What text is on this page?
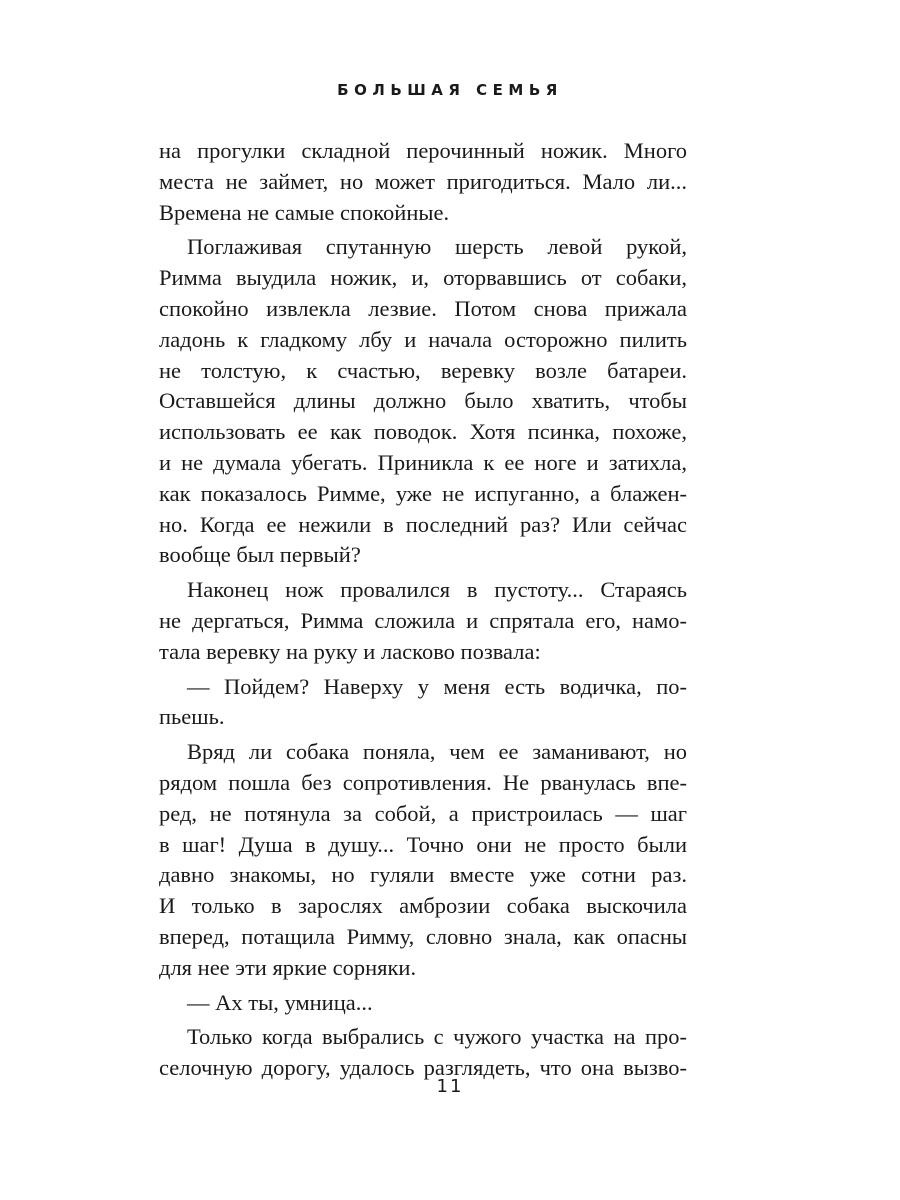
БОЛЬШАЯ СЕМЬЯ

на прогулки складной перочинный ножик. Много

места не займет, но может пригодиться. Мало ли...

Времена не самые спокойные.

Поглаживая спутанную шерсть левой рукой,

Римма выудила ножик, и, оторвавшись от собаки,

спокойно извлекла лезвие. Потом снова прижала

ладонь к гладкому лбу и начала осторожно пилить

не толстую, к счастью, веревку возле батареи.

Оставшейся длины должно было хватить, чтобы

использовать ее как поводок. Хотя псинка, похоже,

и не думала убегать. Приникла к ее ноге и затихла,

как показалось Римме, уже не испуганно, а блажен-

но. Когда ее нежили в последний раз? Или сейчас

вообще был первый?

Наконец нож провалился в пустоту... Стараясь

не дергаться, Римма сложила и спрятала его, намо-

тала веревку на руку и ласково позвала:

— Пойдем? Наверху у меня есть водичка, по-

пьешь.

Вряд ли собака поняла, чем ее заманивают, но

рядом пошла без сопротивления. Не рванулась впе-

ред, не потянула за собой, а пристроилась — шаг

в шаг! Душа в душу... Точно они не просто были

давно знакомы, но гуляли вместе уже сотни раз.

И только в зарослях амброзии собака выскочила

вперед, потащила Римму, словно знала, как опасны

для нее эти яркие сорняки.

— Ах ты, умница...

Только когда выбрались с чужого участка на про-

селочную дорогу, удалось разглядеть, что она вызво-

11
